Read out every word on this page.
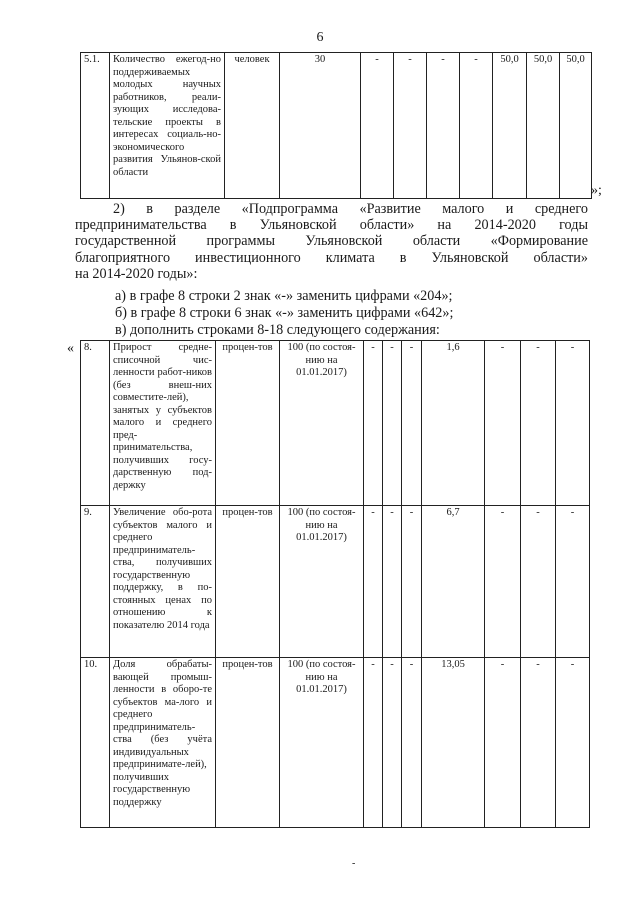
6
5.1.	Количество ежегод-но поддерживаемых молодых научных работников, реали-зующих исследова-тельские проекты в интересах социаль-но-экономического развития Ульянов-ской области	человек	30	-	-	-	-	50,0	50,0	50,0
»;
2) в разделе «Подпрограмма «Развитие малого и среднего
предпринимательства в Ульяновской области» на 2014-2020 годы
государственной программы Ульяновской области «Формирование
благоприятного инвестиционного климата в Ульяновской области»
на 2014-2020 годы»:
а) в графе 8 строки 2 знак «-» заменить цифрами «204»;
б) в графе 8 строки 6 знак «-» заменить цифрами «642»;
в) дополнить строками 8-18 следующего содержания:
« 8.	Прирост средне-списочной чис-ленности работ-ников (без внеш-них совместите-лей), занятых у субъектов малого и среднего пред-принимательства, получивших госу-дарственную под-держку	процен-тов	100 (по состоя-нию на 01.01.2017)	-	-	-	1,6	-	-	-
9.	Увеличение обо-рота субъектов малого и среднего предприниматель-ства, получивших государственную поддержку, в по-стоянных ценах по отношению к показателю 2014 года	процен-тов	100 (по состоя-нию на 01.01.2017)	-	-	-	6,7	-	-	-
10.	Доля обрабаты-вающей промыш-ленности в оборо-те субъектов ма-лого и среднего предприниматель-ства (без учёта индивидуальных предпринимате-лей), получивших государственную поддержку	процен-тов	100 (по состоя-нию на 01.01.2017)	-	-	-	13,05	-	-	-
-
